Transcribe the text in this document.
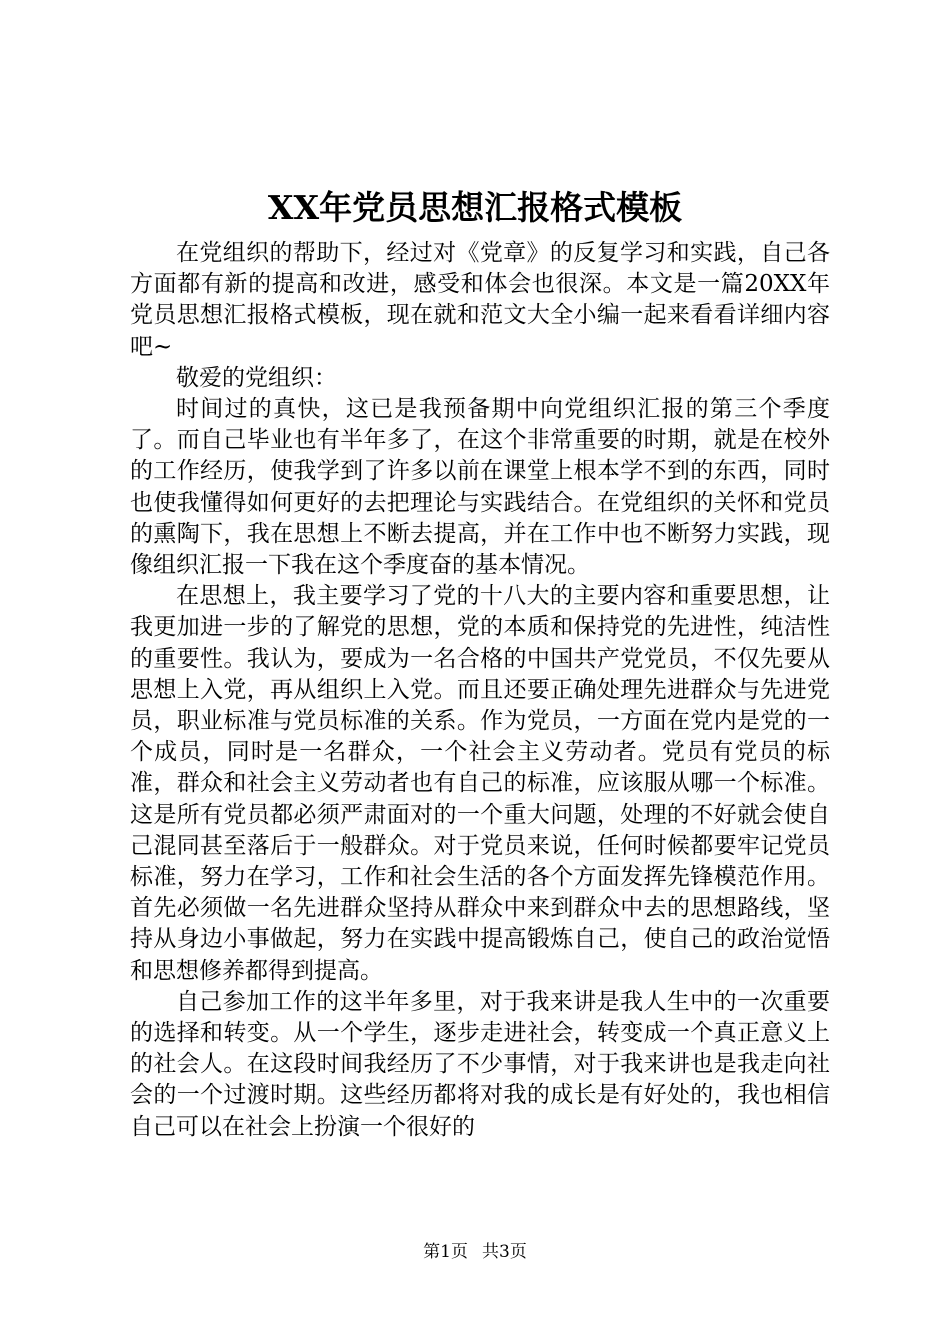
XX年党员思想汇报格式模板

在党组织的帮助下，经过对《党章》的反复学习和实践，自己各方面都有新的提高和改进，感受和体会也很深。本文是一篇20XX年党员思想汇报格式模板，现在就和范文大全小编一起来看看详细内容吧~

敬爱的党组织：

时间过的真快，这已是我预备期中向党组织汇报的第三个季度了。而自己毕业也有半年多了，在这个非常重要的时期，就是在校外的工作经历，使我学到了许多以前在课堂上根本学不到的东西，同时也使我懂得如何更好的去把理论与实践结合。在党组织的关怀和党员的熏陶下，我在思想上不断去提高，并在工作中也不断努力实践，现像组织汇报一下我在这个季度奋的基本情况。

在思想上，我主要学习了党的十八大的主要内容和重要思想，让我更加进一步的了解党的思想，党的本质和保持党的先进性，纯洁性的重要性。我认为，要成为一名合格的中国共产党党员，不仅先要从思想上入党，再从组织上入党。而且还要正确处理先进群众与先进党员，职业标准与党员标准的关系。作为党员，一方面在党内是党的一个成员，同时是一名群众，一个社会主义劳动者。党员有党员的标准，群众和社会主义劳动者也有自己的标准，应该服从哪一个标准。这是所有党员都必须严肃面对的一个重大问题，处理的不好就会使自己混同甚至落后于一般群众。对于党员来说，任何时候都要牢记党员标准，努力在学习，工作和社会生活的各个方面发挥先锋模范作用。首先必须做一名先进群众坚持从群众中来到群众中去的思想路线，坚持从身边小事做起，努力在实践中提高锻炼自己，使自己的政治觉悟和思想修养都得到提高。

自己参加工作的这半年多里，对于我来讲是我人生中的一次重要的选择和转变。从一个学生，逐步走进社会，转变成一个真正意义上的社会人。在这段时间我经历了不少事情，对于我来讲也是我走向社会的一个过渡时期。这些经历都将对我的成长是有好处的，我也相信自己可以在社会上扮演一个很好的

第1页 共3页
